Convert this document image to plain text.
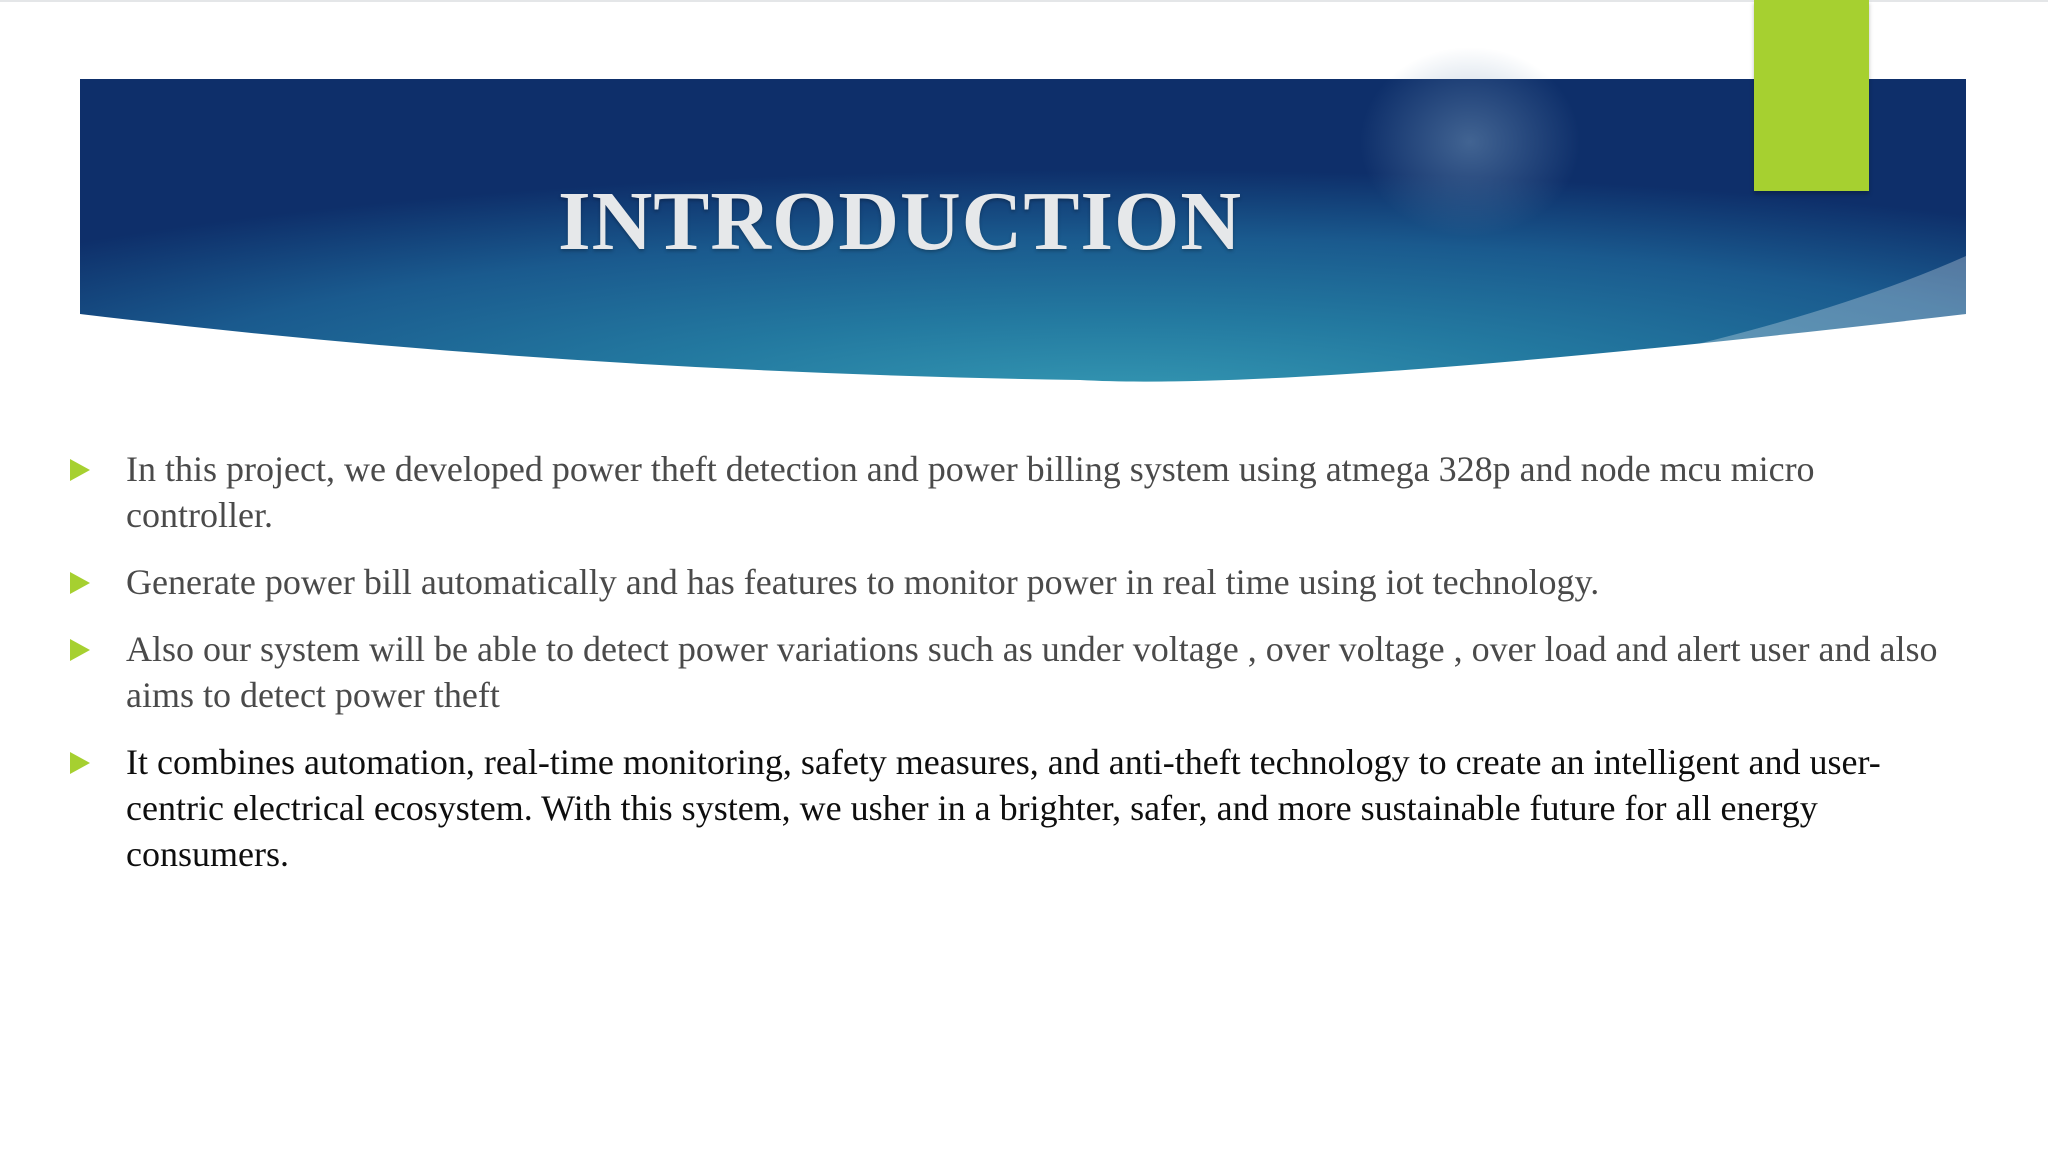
INTRODUCTION
In this project, we developed power theft detection and power billing system using atmega 328p and node mcu micro controller.
Generate power bill automatically and has features to monitor power in real time using iot technology.
Also our system will be able to detect power variations such as under voltage , over voltage , over load and alert user and also aims to detect power theft
It combines automation, real-time monitoring, safety measures, and anti-theft technology to create an intelligent and user-centric electrical ecosystem. With this system, we usher in a brighter, safer, and more sustainable future for all energy consumers.
